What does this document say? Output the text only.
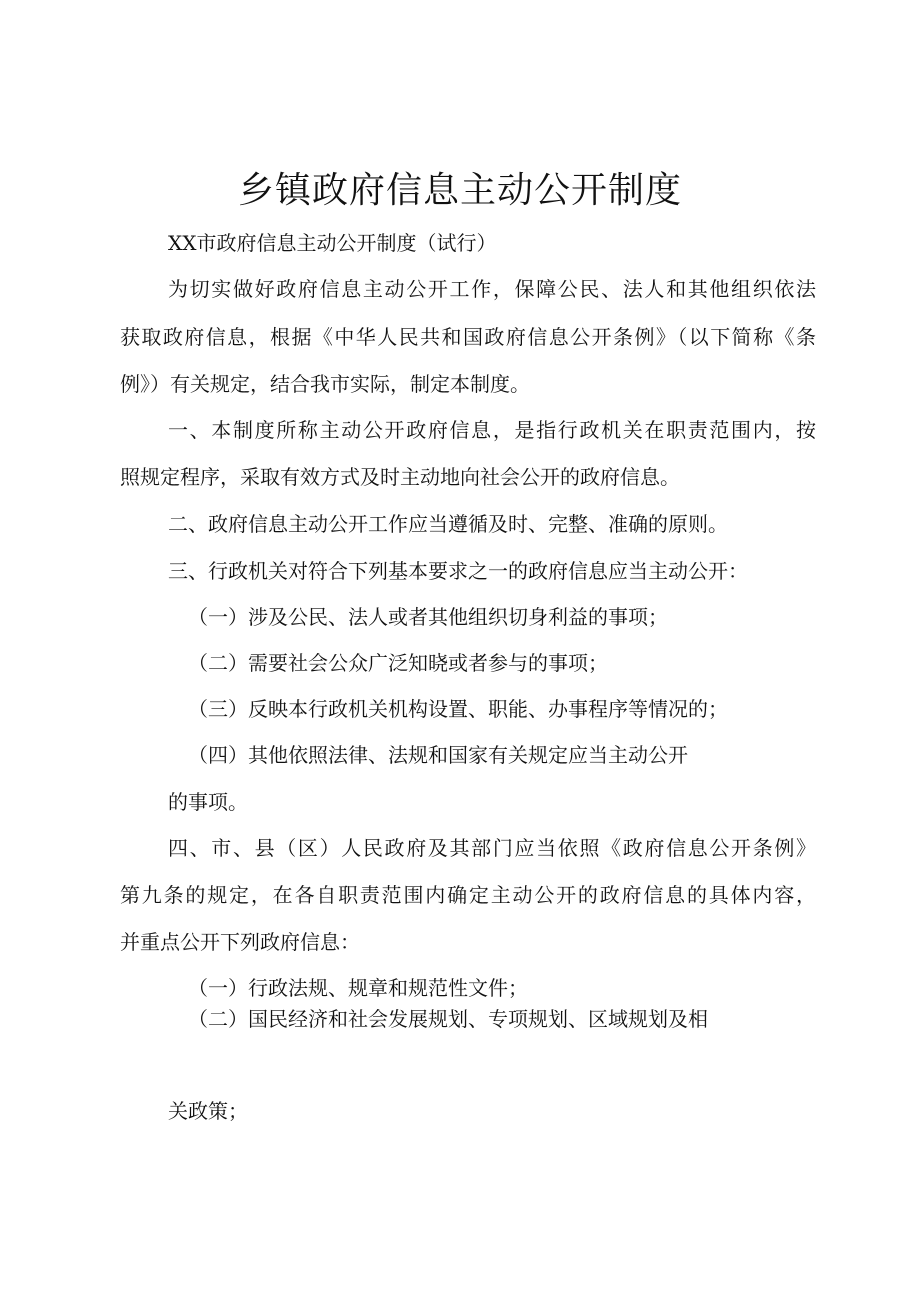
乡镇政府信息主动公开制度
XX市政府信息主动公开制度（试行）
为切实做好政府信息主动公开工作，保障公民、法人和其他组织依法
获取政府信息，根据《中华人民共和国政府信息公开条例》（以下简称《条
例》）有关规定，结合我市实际，制定本制度。
一、本制度所称主动公开政府信息，是指行政机关在职责范围内，按
照规定程序，采取有效方式及时主动地向社会公开的政府信息。
二、政府信息主动公开工作应当遵循及时、完整、准确的原则。
三、行政机关对符合下列基本要求之一的政府信息应当主动公开：
（一）涉及公民、法人或者其他组织切身利益的事项；
（二）需要社会公众广泛知晓或者参与的事项；
（三）反映本行政机关机构设置、职能、办事程序等情况的；
（四）其他依照法律、法规和国家有关规定应当主动公开
的事项。
四、市、县（区）人民政府及其部门应当依照《政府信息公开条例》
第九条的规定，在各自职责范围内确定主动公开的政府信息的具体内容，
并重点公开下列政府信息：
（一）行政法规、规章和规范性文件；
（二）国民经济和社会发展规划、专项规划、区域规划及相
关政策；
